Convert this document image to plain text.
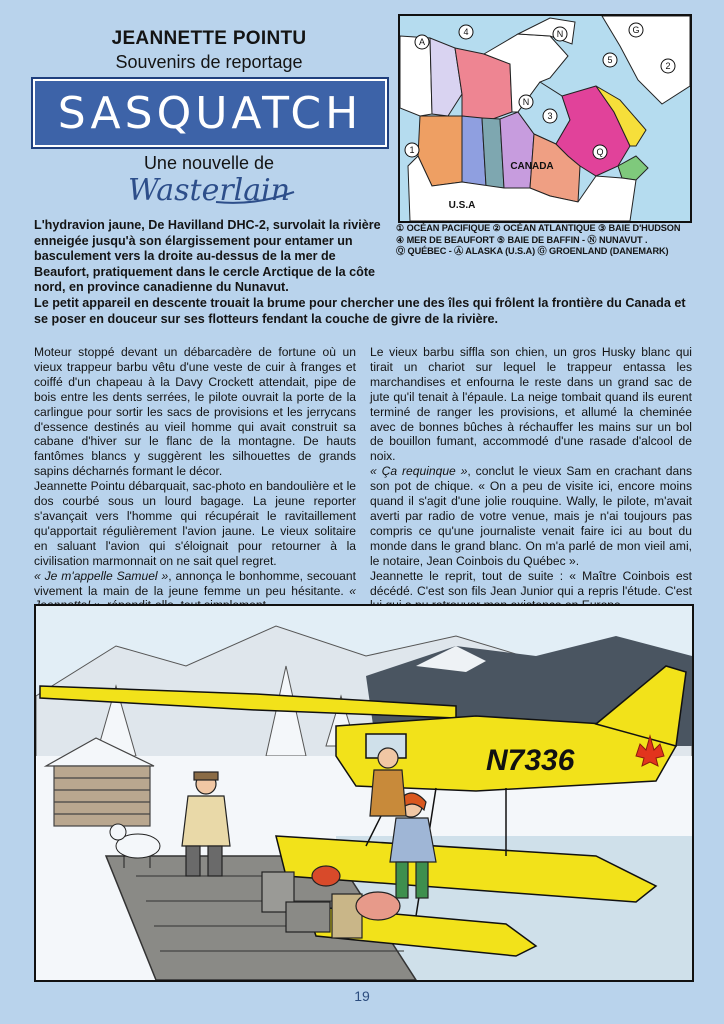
JEANNETTE POINTU
Souvenirs de reportage
SASQUATCH
Une nouvelle de
Wasterlain
A
4	N	G
2
5
N
3
1	Q
CANADA
U.S.A
① OCÉAN PACIFIQUE ② OCÉAN ATLANTIQUE ③ BAIE D'HUDSON
④ MER DE BEAUFORT ⑤ BAIE DE BAFFIN - Ⓝ NUNAVUT .
Ⓠ QUÉBEC - Ⓐ ALASKA (U.S.A) Ⓖ GROENLAND (DANEMARK)

L'hydravion jaune, De Havilland DHC-2, survolait la rivière enneigée jusqu'à son élargissement pour entamer un basculement vers la droite au-dessus de la mer de Beaufort, pratiquement dans le cercle Arctique de la côte nord, en province canadienne du Nunavut.

Le petit appareil en descente trouait la brume pour chercher une des îles qui frôlent la frontière du Canada et se poser en douceur sur ses flotteurs fendant la couche de givre de la rivière.

Moteur stoppé devant un débarcadère de fortune où un vieux trappeur barbu vêtu d'une veste de cuir à franges et coiffé d'un chapeau à la Davy Crockett attendait, pipe de bois entre les dents serrées, le pilote ouvrait la porte de la carlingue pour sortir les sacs de provisions et les jerrycans d'essence destinés au vieil homme qui avait construit sa cabane d'hiver sur le flanc de la montagne. De hauts fantômes blancs y suggèrent les silhouettes de grands sapins décharnés formant le décor.

Jeannette Pointu débarquait, sac-photo en bandoulière et le dos courbé sous un lourd bagage. La jeune reporter s'avançait vers l'homme qui récupérait le ravitaillement qu'apportait régulièrement l'avion jaune. Le vieux solitaire en saluant l'avion qui s'éloignait pour retourner à la civilisation marmonnait on ne sait quel regret.

« Je m'appelle Samuel », annonça le bonhomme, secouant vivement la main de la jeune femme un peu hésitante. «

Le vieux barbu siffla son chien, un gros Husky blanc qui tirait un chariot sur lequel le trappeur entassa les marchandises et enfourna le reste dans un grand sac de jute qu'il tenait à l'épaule. La neige tombait quand ils eurent terminé de ranger les provisions, et allumé la cheminée avec de bonnes bûches à réchauffer les mains sur un bol de bouillon fumant, accommodé d'une rasade d'alcool de noix.

« Ça requinque », conclut le vieux Sam en crachant dans son pot de chique. « On a peu de visite ici, encore moins quand il s'agit d'une jolie rouquine. Wally, le pilote, m'avait averti par radio de votre venue, mais je n'ai toujours pas compris ce qu'une journaliste venait faire ici au bout du monde dans le grand blanc. On m'a parlé de mon vieil ami, le notaire, Jean Coinbois du Québec ».

Jeannette le reprit, tout de suite : « Maître Coinbois est décédé. C'est son fils Jean Junior qui a repris l'étude. C'est

N7336
19
